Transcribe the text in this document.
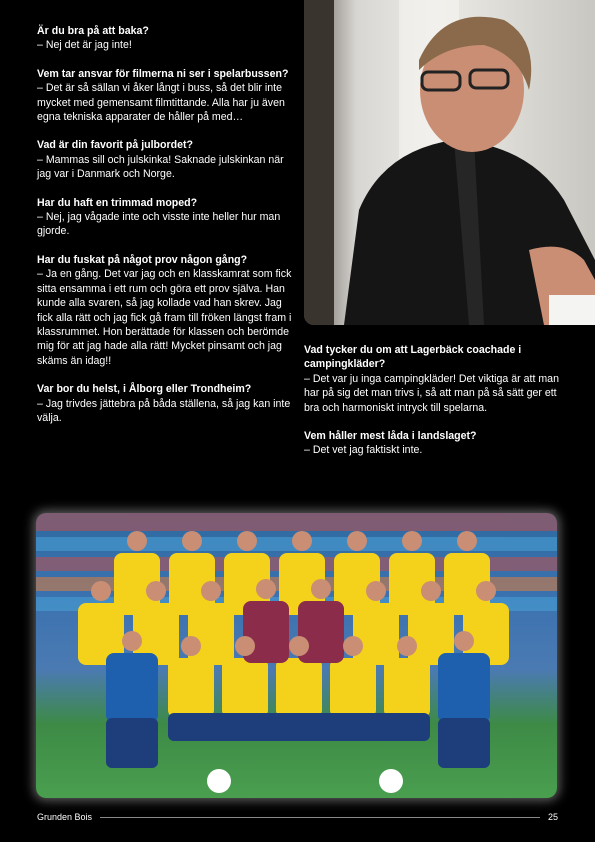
Är du bra på att baka?

– Nej det är jag inte!

Vem tar ansvar för filmerna ni ser i spelarbussen?

– Det är så sällan vi åker långt i buss, så det blir inte mycket med gemensamt filmtittande. Alla har ju även egna tekniska apparater de håller på med…

Vad är din favorit på julbordet?

– Mammas sill och julskinka! Saknade julskinkan när jag var i Danmark och Norge.

Har du haft en trimmad moped?

– Nej, jag vågade inte och visste inte heller hur man gjorde.

Har du fuskat på något prov någon gång?

– Ja en gång. Det var jag och en klasskamrat som fick sitta ensamma i ett rum och göra ett prov själva. Han kunde alla svaren, så jag kollade vad han skrev. Jag fick alla rätt och jag fick gå fram till fröken längst fram i klassrummet. Hon berättade för klassen och berömde mig för att jag hade alla rätt! Mycket pinsamt och jag skäms än idag!!

Var bor du helst, i Ålborg eller Trondheim?

– Jag trivdes jättebra på båda ställena, så jag kan inte välja.

Vad tycker du om att Lagerbäck coachade i campingkläder?

– Det var ju inga campingkläder! Det viktiga är att man har på sig det man trivs i, så att man på så sätt ger ett bra och harmoniskt intryck till spelarna.

Vem håller mest låda i landslaget?

– Det vet jag faktiskt inte.

Grunden Bois	25
